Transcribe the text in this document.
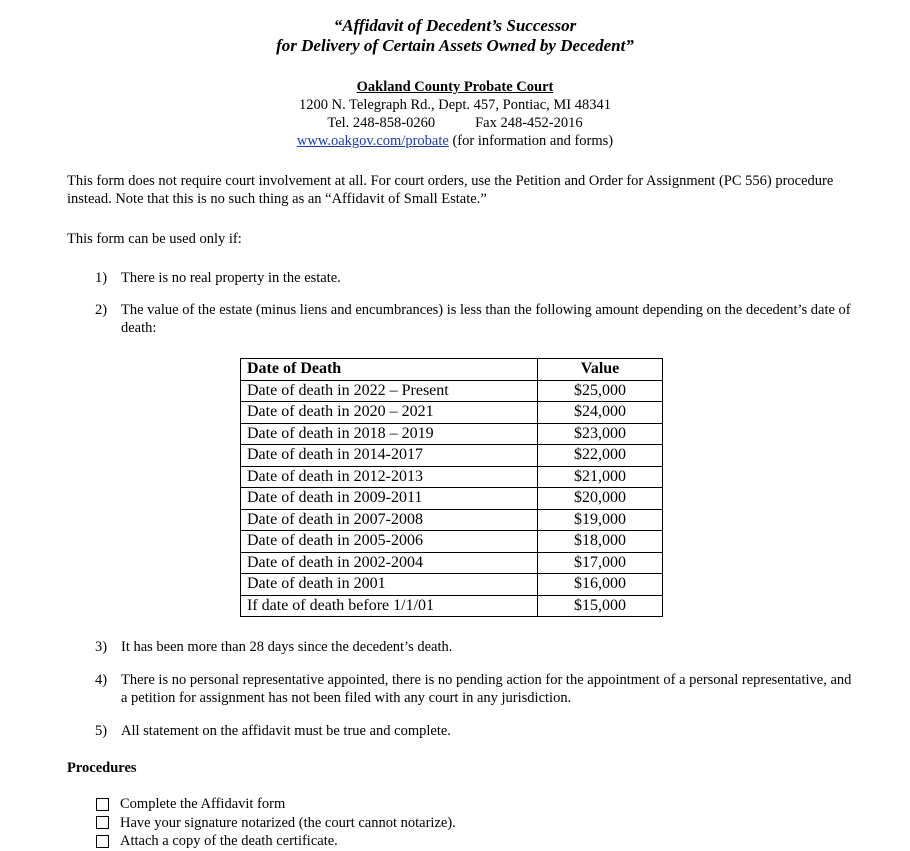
“Affidavit of Decedent’s Successor
for Delivery of Certain Assets Owned by Decedent”
Oakland County Probate Court
1200 N. Telegraph Rd., Dept. 457, Pontiac, MI 48341
Tel. 248-858-0260	Fax 248-452-2016
www.oakgov.com/probate (for information and forms)
This form does not require court involvement at all. For court orders, use the Petition and Order for Assignment (PC 556) procedure instead. Note that this is no such thing as an “Affidavit of Small Estate.”
This form can be used only if:
1) There is no real property in the estate.
2) The value of the estate (minus liens and encumbrances) is less than the following amount depending on the decedent’s date of death:
Date of Death	Value
Date of death in 2022 – Present	$25,000
Date of death in 2020 – 2021	$24,000
Date of death in 2018 – 2019	$23,000
Date of death in 2014-2017	$22,000
Date of death in 2012-2013	$21,000
Date of death in 2009-2011	$20,000
Date of death in 2007-2008	$19,000
Date of death in 2005-2006	$18,000
Date of death in 2002-2004	$17,000
Date of death in 2001	$16,000
If date of death before 1/1/01	$15,000
3) It has been more than 28 days since the decedent’s death.
4) There is no personal representative appointed, there is no pending action for the appointment of a personal representative, and a petition for assignment has not been filed with any court in any jurisdiction.
5) All statement on the affidavit must be true and complete.
Procedures
Complete the Affidavit form
Have your signature notarized (the court cannot notarize).
Attach a copy of the death certificate.
